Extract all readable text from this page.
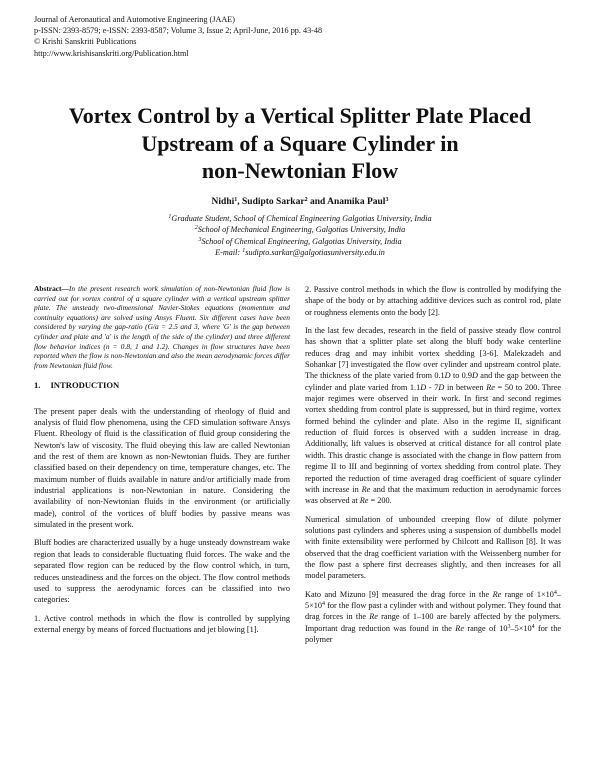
Journal of Aeronautical and Automotive Engineering (JAAE)
p-ISSN: 2393-8579; e-ISSN: 2393-8587; Volume 3, Issue 2; April-June, 2016 pp. 43-48
© Krishi Sanskriti Publications
http://www.krishisanskriti.org/Publication.html
Vortex Control by a Vertical Splitter Plate Placed
Upstream of a Square Cylinder in
non-Newtonian Flow
Nidhi$^1$, Sudipto Sarkar$^2$ and Anamika Paul$^3$
$^1$Graduate Student, School of Chemical Engineering Galgotias University, India
$^2$School of Mechanical Engineering, Galgotias University, India
$^3$School of Chemical Engineering, Galgotias University, India
E-mail: $^1$sudipto.sarkar@galgotiasuniversity.edu.in

Abstract—In the present research work simulation of non-Newtonian fluid flow is carried out for vortex control of a square cylinder with a vertical upstream splitter plate. The unsteady two-dimensional Navier-Stokes equations (momentum and continuity equations) are solved using Ansys Fluent. Six different cases have been considered by varying the gap-ratio (G/a = 2.5 and 3, where 'G' is the gap between cylinder and plate and 'a' is the length of the side of the cylinder) and three different flow behavior indices (n = 0.8, 1 and 1.2). Changes in flow structures have been reported when the flow is non-Newtonian and also the mean aerodynamic forces differ from Newtonian fluid flow.

1. INTRODUCTION

The present paper deals with the understanding of rheology of fluid and analysis of fluid flow phenomena, using the CFD simulation software Ansys Fluent. Rheology of fluid is the classification of fluid group considering the Newton's law of viscosity. The fluid obeying this law are called Newtonian and the rest of them are known as non-Newtonian fluids. They are further classified based on their dependency on time, temperature changes, etc. The maximum number of fluids available in nature and/or artificially made from industrial applications is non-Newtonian in nature. Considering the availability of non-Newtonian fluids in the environment (or artificially made), control of the vortices of bluff bodies by passive means was simulated in the present work.

Bluff bodies are characterized usually by a huge unsteady downstream wake region that leads to considerable fluctuating fluid forces. The wake and the separated flow region can be reduced by the flow control which, in turn, reduces unsteadiness and the forces on the object. The flow control methods used to suppress the aerodynamic forces can be classified into two categories:

1. Active control methods in which the flow is controlled by supplying external energy by means of forced fluctuations and jet blowing [1].

2. Passive control methods in which the flow is controlled by modifying the shape of the body or by attaching additive devices such as control rod, plate or roughness elements onto the body [2].

In the last few decades, research in the field of passive steady flow control has shown that a splitter plate set along the bluff body wake centerline reduces drag and may inhibit vortex shedding [3-6]. Malekzadeh and Sohankar [7] investigated the flow over cylinder and upstream control plate. The thickness of the plate varied from 0.1D to 0.9D and the gap between the cylinder and plate varied from 1.1D - 7D in between Re = 50 to 200. Three major regimes were observed in their work. In first and second regimes vortex shedding from control plate is suppressed, but in third regime, vortex formed behind the cylinder and plate. Also in the regime II, significant reduction of fluid forces is observed with a sudden increase in drag. Additionally, lift values is observed at critical distance for all control plate width. This drastic change is associated with the change in flow pattern from regime II to III and beginning of vortex shedding from control plate. They reported the reduction of time averaged drag coefficient of square cylinder with increase in Re and that the maximum reduction in aerodynamic forces was observed at Re = 200.

Numerical simulation of unbounded creeping flow of dilute polymer solutions past cylinders and spheres using a suspension of dumbbells model with finite extensibility were performed by Chilcott and Rallison [8]. It was observed that the drag coefficient variation with the Weissenberg number for the flow past a sphere first decreases slightly, and then increases for all model parameters.

Kato and Mizuno [9] measured the drag force in the Re range of $1\times 10^4-5\times 10^4$ for the flow past a cylinder with and without polymer. They found that drag forces in the Re range of 1–100 are barely affected by the polymers. Important drag reduction was found in the Re range of $10^3-5\times 10^4$ for the polymer
